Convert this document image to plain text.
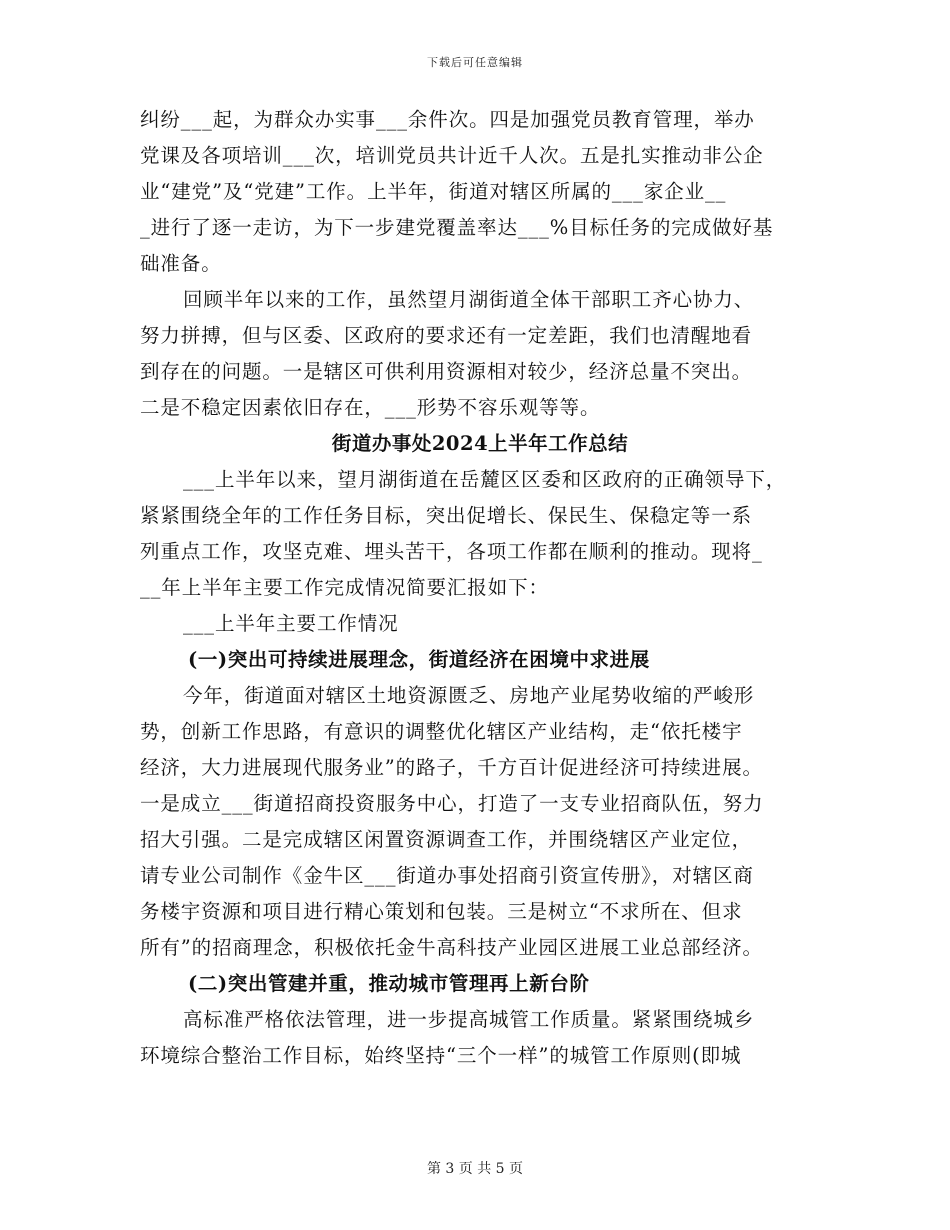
下载后可任意编辑
纠纷___起，为群众办实事___余件次。四是加强党员教育管理，举办
党课及各项培训___次，培训党员共计近千人次。五是扎实推动非公企
业“建党”及“党建”工作。上半年，街道对辖区所属的___家企业__
_进行了逐一走访，为下一步建党覆盖率达___%目标任务的完成做好基
础准备。
回顾半年以来的工作，虽然望月湖街道全体干部职工齐心协力、
努力拼搏，但与区委、区政府的要求还有一定差距，我们也清醒地看
到存在的问题。一是辖区可供利用资源相对较少，经济总量不突出。
二是不稳定因素依旧存在，___形势不容乐观等等。
街道办事处2024上半年工作总结
___上半年以来，望月湖街道在岳麓区区委和区政府的正确领导下，
紧紧围绕全年的工作任务目标，突出促增长、保民生、保稳定等一系
列重点工作，攻坚克难、埋头苦干，各项工作都在顺利的推动。现将_
__年上半年主要工作完成情况简要汇报如下：
___上半年主要工作情况
(一)突出可持续进展理念，街道经济在困境中求进展
今年，街道面对辖区土地资源匮乏、房地产业尾势收缩的严峻形
势，创新工作思路，有意识的调整优化辖区产业结构，走“依托楼宇
经济，大力进展现代服务业”的路子，千方百计促进经济可持续进展。
一是成立___街道招商投资服务中心，打造了一支专业招商队伍，努力
招大引强。二是完成辖区闲置资源调查工作，并围绕辖区产业定位，
请专业公司制作《金牛区___街道办事处招商引资宣传册》，对辖区商
务楼宇资源和项目进行精心策划和包装。三是树立“不求所在、但求
所有”的招商理念，积极依托金牛高科技产业园区进展工业总部经济。
(二)突出管建并重，推动城市管理再上新台阶
高标准严格依法管理，进一步提高城管工作质量。紧紧围绕城乡
环境综合整治工作目标，始终坚持“三个一样”的城管工作原则(即城
第 3 页 共 5 页
